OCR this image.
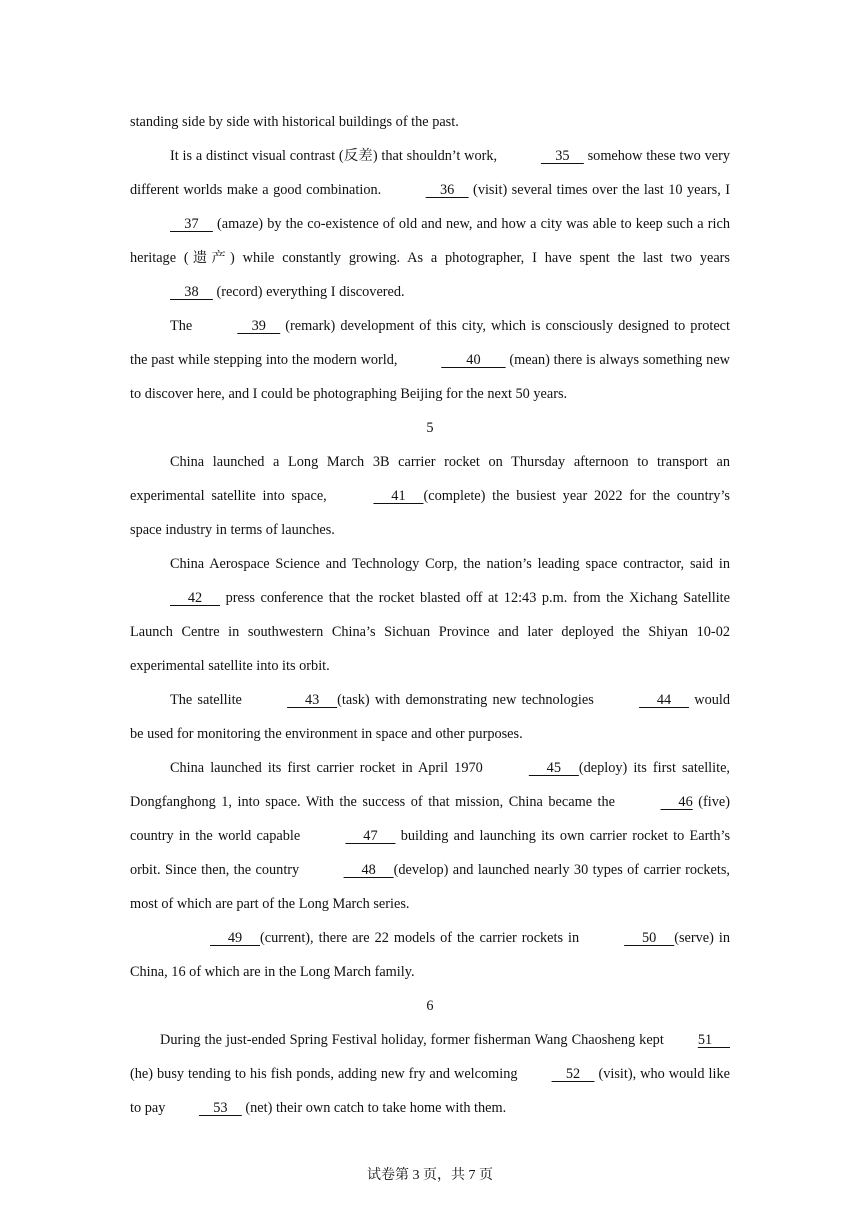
standing side by side with historical buildings of the past.

It is a distinct visual contrast (反差) that shouldn’t work,	35     somehow these two very different worlds make a good combination.	36     (visit) several times over the last 10 years, I     37     (amaze) by the co-existence of old and new, and how a city was able to keep such a rich heritage (遗产) while constantly growing. As a photographer, I have spent the last two years     38     (record) everything I discovered.

The	39     (remark) development of this city, which is consciously designed to protect the past while stepping into the modern world,	40        (mean) there is always something new to discover here, and I could be photographing Beijing for the next 50 years.

5

China launched a Long March 3B carrier rocket on Thursday afternoon to transport an experimental satellite into space,	41     (complete) the busiest year 2022 for the country’s space industry in terms of launches.

China Aerospace Science and Technology Corp, the nation’s leading space contractor, said in      42      press conference that the rocket blasted off at 12:43 p.m. from the Xichang Satellite Launch Centre in southwestern China’s Sichuan Province and later deployed the Shiyan 10-02 experimental satellite into its orbit.

The satellite	43     (task) with demonstrating new technologies	44      would be used for monitoring the environment in space and other purposes.

China launched its first carrier rocket in April 1970	45     (deploy) its first satellite, Dongfanghong 1, into space. With the success of that mission, China became the	46 (five) country in the world capable	47      building and launching its own carrier rocket to Earth’s orbit. Since then, the country	48     (develop) and launched nearly 30 types of carrier rockets, most of which are part of the Long March series.

49     (current), there are 22 models of the carrier rockets in	50     (serve) in China, 16 of which are in the Long March family.

6

During the just-ended Spring Festival holiday, former fisherman Wang Chaosheng kept 51     (he) busy tending to his fish ponds, adding new fry and welcoming     52     (visit), who would like to pay     53     (net) their own catch to take home with them.

试卷第 3 页，共 7 页
